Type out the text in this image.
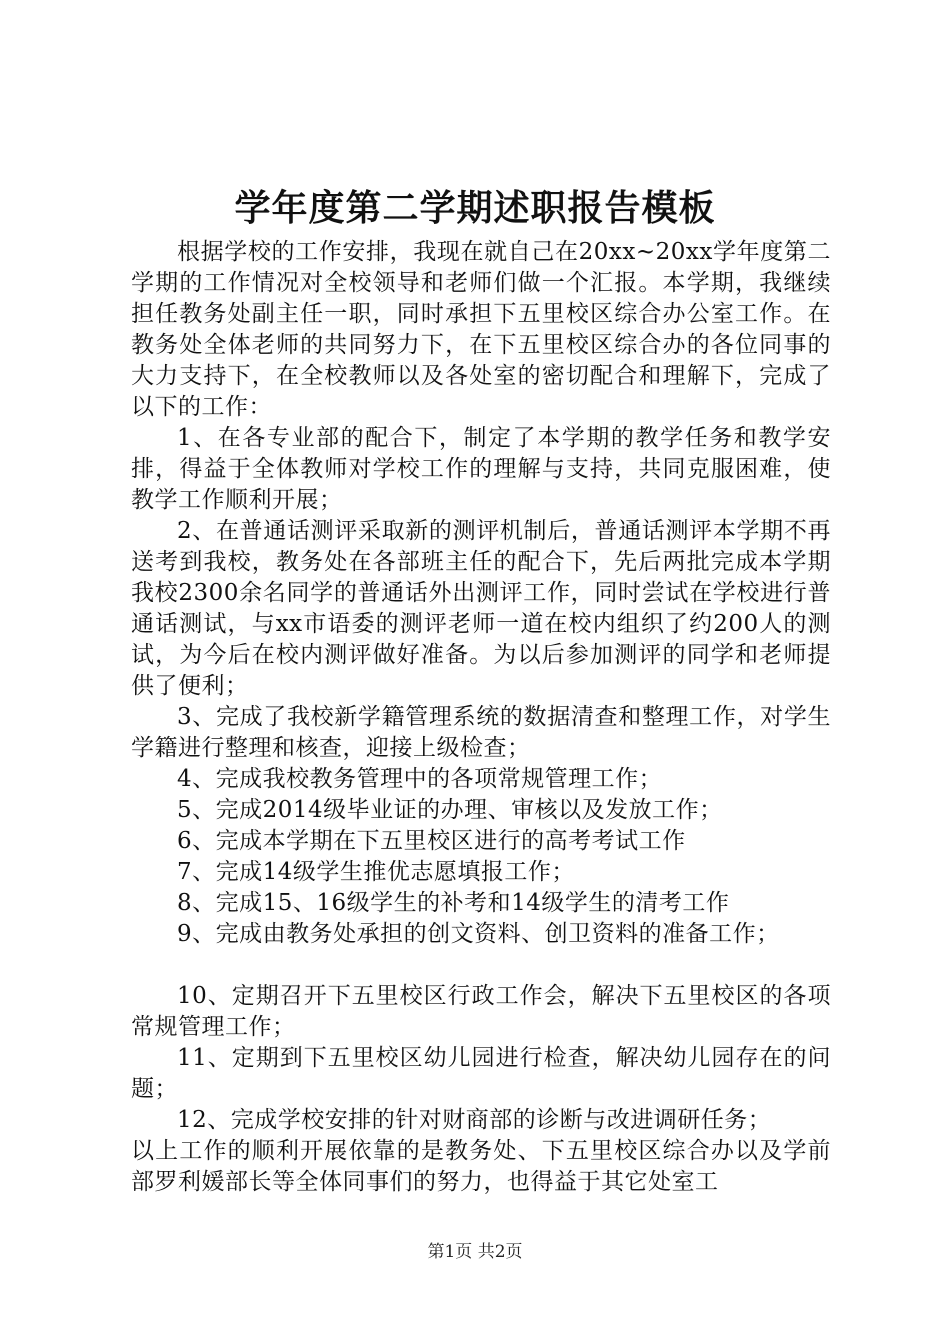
学年度第二学期述职报告模板

根据学校的工作安排，我现在就自己在20xx~20xx学年度第二学期的工作情况对全校领导和老师们做一个汇报。本学期，我继续担任教务处副主任一职，同时承担下五里校区综合办公室工作。在教务处全体老师的共同努力下，在下五里校区综合办的各位同事的大力支持下，在全校教师以及各处室的密切配合和理解下，完成了以下的工作：

1、在各专业部的配合下，制定了本学期的教学任务和教学安排，得益于全体教师对学校工作的理解与支持，共同克服困难，使教学工作顺利开展；

2、在普通话测评采取新的测评机制后，普通话测评本学期不再送考到我校，教务处在各部班主任的配合下，先后两批完成本学期我校2300余名同学的普通话外出测评工作，同时尝试在学校进行普通话测试，与xx市语委的测评老师一道在校内组织了约200人的测试，为今后在校内测评做好准备。为以后参加测评的同学和老师提供了便利；

3、完成了我校新学籍管理系统的数据清查和整理工作，对学生学籍进行整理和核查，迎接上级检查；

4、完成我校教务管理中的各项常规管理工作；

5、完成2014级毕业证的办理、审核以及发放工作；

6、完成本学期在下五里校区进行的高考考试工作

7、完成14级学生推优志愿填报工作；

8、完成15、16级学生的补考和14级学生的清考工作

9、完成由教务处承担的创文资料、创卫资料的准备工作；

10、定期召开下五里校区行政工作会，解决下五里校区的各项常规管理工作；

11、定期到下五里校区幼儿园进行检查，解决幼儿园存在的问题；

12、完成学校安排的针对财商部的诊断与改进调研任务；

以上工作的顺利开展依靠的是教务处、下五里校区综合办以及学前部罗利媛部长等全体同事们的努力，也得益于其它处室工

第1页 共2页
